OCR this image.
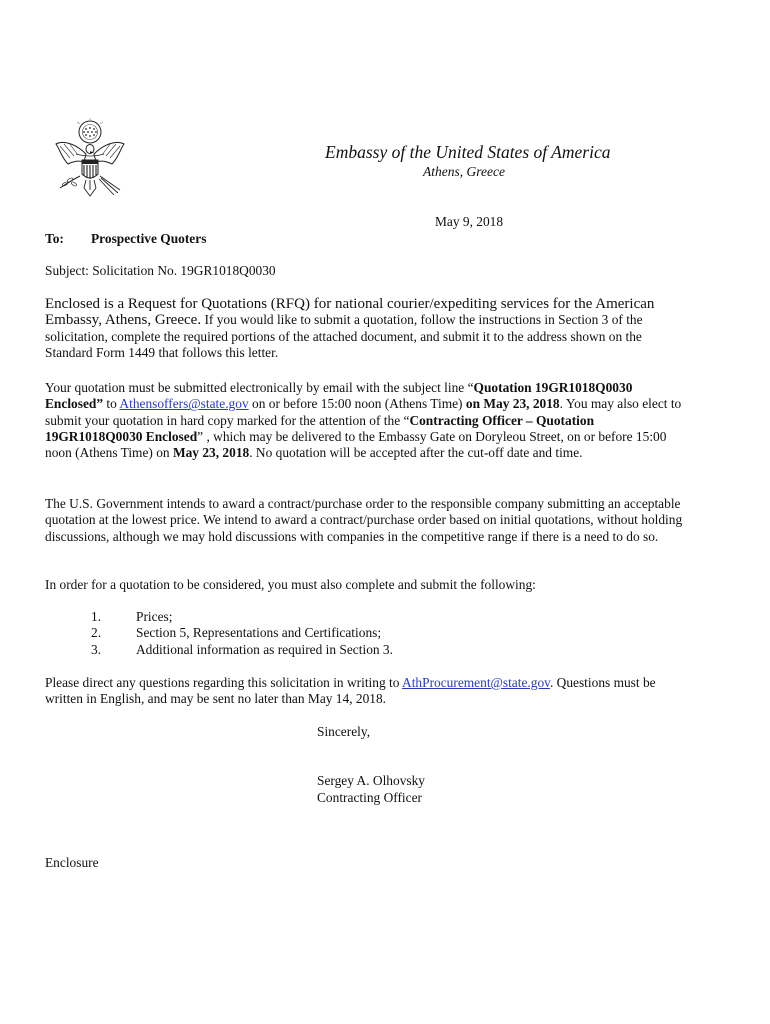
Embassy of the United States of America
Athens, Greece
May 9, 2018
To: Prospective Quoters
Subject: Solicitation No. 19GR1018Q0030
Enclosed is a Request for Quotations (RFQ) for national courier/expediting services for the American Embassy, Athens, Greece. If you would like to submit a quotation, follow the instructions in Section 3 of the solicitation, complete the required portions of the attached document, and submit it to the address shown on the Standard Form 1449 that follows this letter.
Your quotation must be submitted electronically by email with the subject line “Quotation 19GR1018Q0030 Enclosed” to Athensoffers@state.gov on or before 15:00 noon (Athens Time) on May 23, 2018. You may also elect to submit your quotation in hard copy marked for the attention of the “Contracting Officer – Quotation 19GR1018Q0030 Enclosed” , which may be delivered to the Embassy Gate on Doryleou Street, on or before 15:00 noon (Athens Time) on May 23, 2018. No quotation will be accepted after the cut-off date and time.
The U.S. Government intends to award a contract/purchase order to the responsible company submitting an acceptable quotation at the lowest price. We intend to award a contract/purchase order based on initial quotations, without holding discussions, although we may hold discussions with companies in the competitive range if there is a need to do so.
In order for a quotation to be considered, you must also complete and submit the following:
1.	Prices;
2.	Section 5, Representations and Certifications;
3.	Additional information as required in Section 3.
Please direct any questions regarding this solicitation in writing to AthProcurement@state.gov. Questions must be written in English, and may be sent no later than May 14, 2018.
Sincerely,
Sergey A. Olhovsky
Contracting Officer
Enclosure
